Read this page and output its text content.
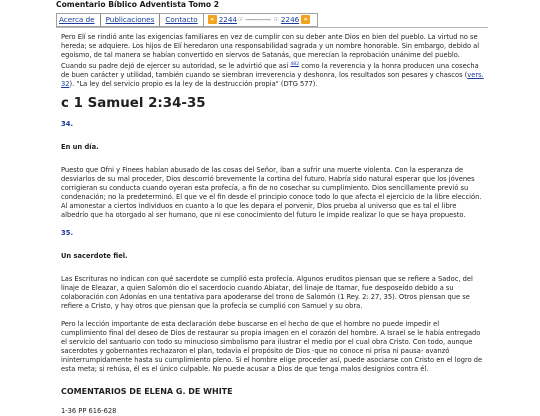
Comentario Bíblico Adventista Tomo 2
Acerca de Publicaciones Contacto	« 2244 ☞ ------------ ☞ 2246 »

Pero Elí se rindió ante las exigencias familiares en vez de cumplir con su deber ante Dios en bien del pueblo. La virtud no se hereda; se adquiere. Los hijos de Elí heredaron una responsabilidad sagrada y un nombre honorable. Sin embargo, debido al egoísmo, de tal manera se habían convertido en siervos de Satanás, que merecían la reprobación unánime del pueblo. Cuando su padre dejó de ejercer su autoridad, se le advirtió que así $^{482}$ como la reverencia y la honra producen una cosecha de buen carácter y utilidad, también cuando se siembran irreverencia y deshonra, los resultados son pesares y chascos (vers. 32). "La ley del servicio propio es la ley de la destrucción propia" (DTG 577).

c 1 Samuel 2:34-35
34.
En un día.

Puesto que Ofni y Finees habían abusado de las cosas del Señor, iban a sufrir una muerte violenta. Con la esperanza de desviarlos de su mal proceder, Dios descorrió brevemente la cortina del futuro. Habría sido natural esperar que los jóvenes corrigieran su conducta cuando oyeran esta profecía, a fin de no cosechar su cumplimiento. Dios sencillamente previó su condenación; no la predeterminó. El que ve el fin desde el principio conoce todo lo que afecta el ejercicio de la libre elección. Al amonestar a ciertos individuos en cuanto a lo que les depara el porvenir, Dios prueba al universo que es tal el libre albedrío que ha otorgado al ser humano, que ni ese conocimiento del futuro le impide realizar lo que se haya propuesto.

35.
Un sacerdote fiel.

Las Escrituras no indican con qué sacerdote se cumplió esta profecía. Algunos eruditos piensan que se refiere a Sadoc, del linaje de Eleazar, a quien Salomón dio el sacerdocio cuando Abiatar, del linaje de Itamar, fue desposeído debido a su colaboración con Adonías en una tentativa para apoderarse del trono de Salomón (1 Rey. 2: 27, 35). Otros piensan que se refiere a Cristo, y hay otros que piensan que la profecía se cumplió con Samuel y su obra.

Pero la lección importante de esta declaración debe buscarse en el hecho de que el hombre no puede impedir el cumplimiento final del deseo de Dios de restaurar su propia imagen en el corazón del hombre. A Israel se le había entregado el servicio del santuario con todo su minucioso simbolismo para ilustrar el medio por el cual obra Cristo. Con todo, aunque sacerdotes y gobernantes rechazaron el plan, todavía el propósito de Dios -que no conoce ni prisa ni pausa- avanzó ininterrumpidamente hasta su cumplimiento pleno. Si el hombre elige proceder así, puede asociarse con Cristo en el logro de esta meta; si rehúsa, él es el único culpable. No puede acusar a Dios de que tenga malos designios contra él.

COMENTARIOS DE ELENA G. DE WHITE

1-36 PP 616-628
